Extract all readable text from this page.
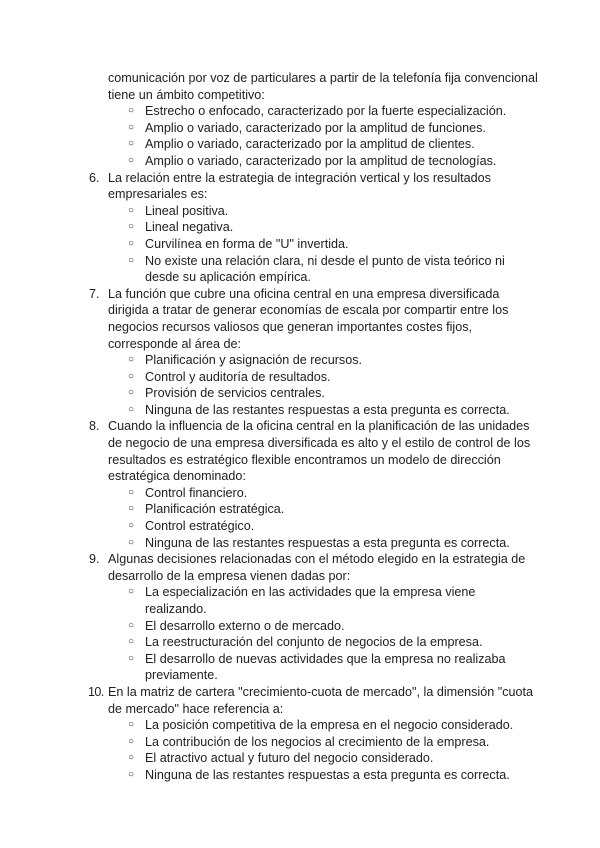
comunicación por voz de particulares a partir de la telefonía fija convencional tiene un ámbito competitivo:
○ Estrecho o enfocado, caracterizado por la fuerte especialización.
○ Amplio o variado, caracterizado por la amplitud de funciones.
○ Amplio o variado, caracterizado por la amplitud de clientes.
○ Amplio o variado, caracterizado por la amplitud de tecnologías.
6. La relación entre la estrategia de integración vertical y los resultados empresariales es:
○ Lineal positiva.
○ Lineal negativa.
○ Curvilínea en forma de "U" invertida.
○ No existe una relación clara, ni desde el punto de vista teórico ni desde su aplicación empírica.
7. La función que cubre una oficina central en una empresa diversificada dirigida a tratar de generar economías de escala por compartir entre los negocios recursos valiosos que generan importantes costes fijos, corresponde al área de:
○ Planificación y asignación de recursos.
○ Control y auditoría de resultados.
○ Provisión de servicios centrales.
○ Ninguna de las restantes respuestas a esta pregunta es correcta.
8. Cuando la influencia de la oficina central en la planificación de las unidades de negocio de una empresa diversificada es alto y el estilo de control de los resultados es estratégico flexible encontramos un modelo de dirección estratégica denominado:
○ Control financiero.
○ Planificación estratégica.
○ Control estratégico.
○ Ninguna de las restantes respuestas a esta pregunta es correcta.
9. Algunas decisiones relacionadas con el método elegido en la estrategia de desarrollo de la empresa vienen dadas por:
○ La especialización en las actividades que la empresa viene realizando.
○ El desarrollo externo o de mercado.
○ La reestructuración del conjunto de negocios de la empresa.
○ El desarrollo de nuevas actividades que la empresa no realizaba previamente.
10. En la matriz de cartera "crecimiento-cuota de mercado", la dimensión "cuota de mercado" hace referencia a:
○ La posición competitiva de la empresa en el negocio considerado.
○ La contribución de los negocios al crecimiento de la empresa.
○ El atractivo actual y futuro del negocio considerado.
○ Ninguna de las restantes respuestas a esta pregunta es correcta.
